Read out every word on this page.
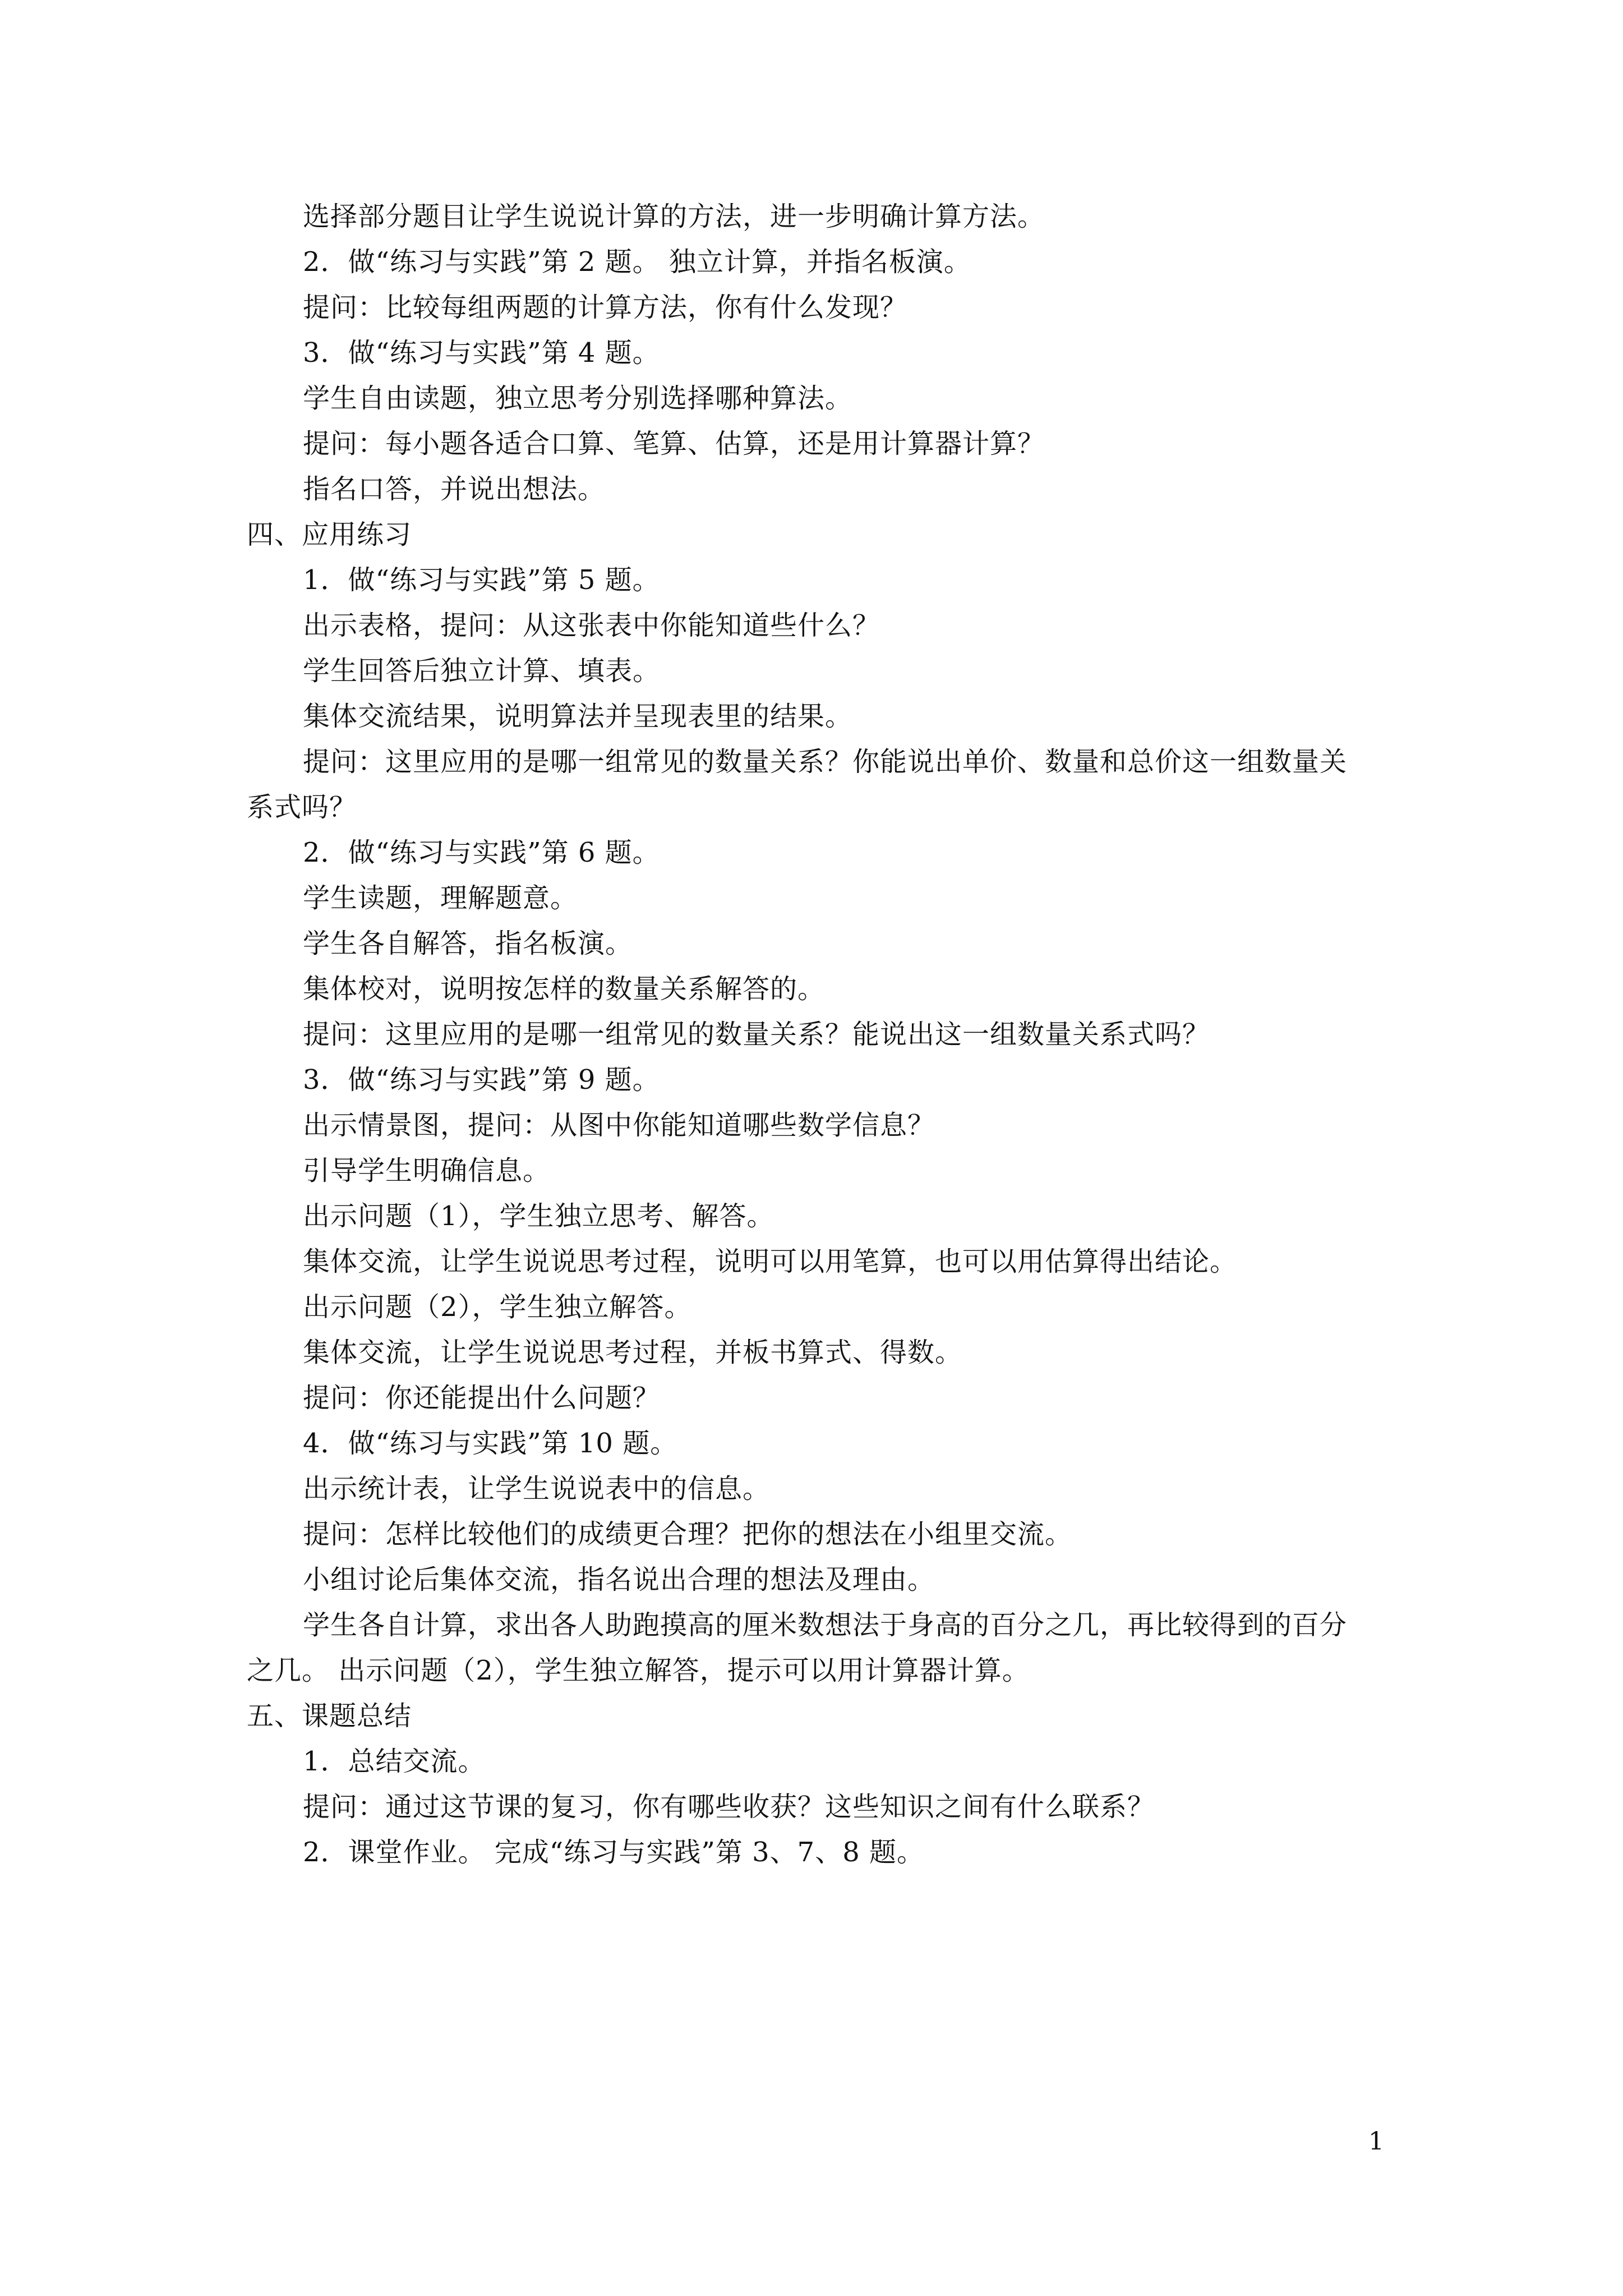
选择部分题目让学生说说计算的方法，进一步明确计算方法。

2．做“练习与实践”第 2 题。 独立计算，并指名板演。

提问：比较每组两题的计算方法，你有什么发现？

3．做“练习与实践”第 4 题。

学生自由读题，独立思考分别选择哪种算法。

提问：每小题各适合口算、笔算、估算，还是用计算器计算？

指名口答，并说出想法。

四、应用练习

1．做“练习与实践”第 5 题。

出示表格，提问：从这张表中你能知道些什么？

学生回答后独立计算、填表。

集体交流结果，说明算法并呈现表里的结果。

提问：这里应用的是哪一组常见的数量关系？你能说出单价、数量和总价这一组数量关

系式吗？

2．做“练习与实践”第 6 题。

学生读题，理解题意。

学生各自解答，指名板演。

集体校对，说明按怎样的数量关系解答的。

提问：这里应用的是哪一组常见的数量关系？能说出这一组数量关系式吗？

3．做“练习与实践”第 9 题。

出示情景图，提问：从图中你能知道哪些数学信息？

引导学生明确信息。

出示问题（1），学生独立思考、解答。

集体交流，让学生说说思考过程，说明可以用笔算，也可以用估算得出结论。

出示问题（2），学生独立解答。

集体交流，让学生说说思考过程，并板书算式、得数。

提问：你还能提出什么问题？

4．做“练习与实践”第 10 题。

出示统计表，让学生说说表中的信息。

提问：怎样比较他们的成绩更合理？把你的想法在小组里交流。

小组讨论后集体交流，指名说出合理的想法及理由。

学生各自计算，求出各人助跑摸高的厘米数想法于身高的百分之几，再比较得到的百分

之几。 出示问题（2），学生独立解答，提示可以用计算器计算。

五、课题总结

1．总结交流。

提问：通过这节课的复习，你有哪些收获？这些知识之间有什么联系？

2．课堂作业。 完成“练习与实践”第 3、7、8 题。

1
